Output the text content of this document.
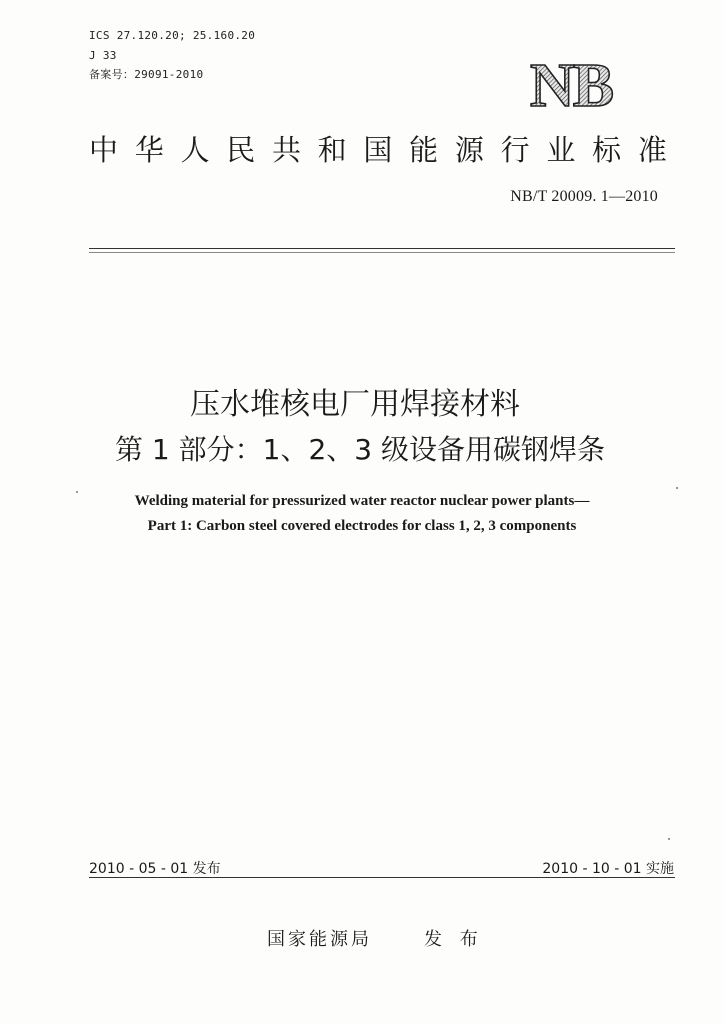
ICS 27.120.20; 25.160.20
J 33
备案号：29091-2010	NB
中 华 人 民 共 和 国 能 源 行 业 标 准
NB/T 20009. 1—2010
压水堆核电厂用焊接材料
第 1 部分：1、2、3 级设备用碳钢焊条
Welding material for pressurized water reactor nuclear power plants—
Part 1: Carbon steel covered electrodes for class 1, 2, 3 components
2010 - 05 - 01 发布	2010 - 10 - 01 实施
国家能源局	发 布
